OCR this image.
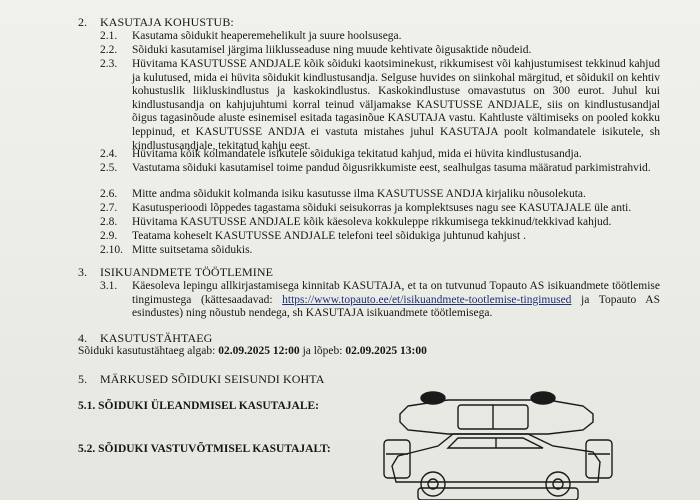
2. KASUTAJA KOHUSTUB:
2.1.	Kasutama sõidukit heaperemehelikult ja suure hoolsusega.
2.2.	Sõiduki kasutamisel järgima liiklusseaduse ning muude kehtivate õigusaktide nõudeid.
2.3.	Hüvitama KASUTUSSE ANDJALE kõik sõiduki kaotsiminekust, rikkumisest või kahjustumisest tekkinud kahjud ja kulutused, mida ei hüvita sõidukit kindlustusandja. Selguse huvides on siinkohal märgitud, et sõidukil on kehtiv kohustuslik liikluskindlustus ja kaskokindlustus. Kaskokindlustuse omavastutus on 300 eurot. Juhul kui kindlustusandja on kahjujuhtumi korral teinud väljamakse KASUTUSSE ANDJALE, siis on kindlustusandjal õigus tagasinõude aluste esinemisel esitada tagasinõue KASUTAJA vastu. Kahtluste vältimiseks on pooled kokku leppinud, et KASUTUSSE ANDJA ei vastuta mistahes juhul KASUTAJA poolt kolmandatele isikutele, sh kindlustusandjale, tekitatud kahju eest.
2.4.	Hüvitama kõik kolmandatele isikutele sõidukiga tekitatud kahjud, mida ei hüvita kindlustusandja.
2.5.	Vastutama sõiduki kasutamisel toime pandud õigusrikkumiste eest, sealhulgas tasuma määratud parkimistrahvid.
2.6.	Mitte andma sõidukit kolmanda isiku kasutusse ilma KASUTUSSE ANDJA kirjaliku nõusolekuta.
2.7.	Kasutusperioodi lõppedes tagastama sõiduki seisukorras ja komplektsuses nagu see KASUTAJALE üle anti.
2.8.	Hüvitama KASUTUSSE ANDJALE kõik käesoleva kokkuleppe rikkumisega tekkinud/tekkivad kahjud.
2.9.	Teatama koheselt KASUTUSSE ANDJALE telefoni teel sõidukiga juhtunud kahjust .
2.10. Mitte suitsetama sõidukis.
3. ISIKUANDMETE TÖÖTLEMINE
3.1.	Käesoleva lepingu allkirjastamisega kinnitab KASUTAJA, et ta on tutvunud Topauto AS isikuandmete töötlemise tingimustega (kättesaadavad: https://www.topauto.ee/et/isikuandmete-tootlemise-tingimused ja Topauto AS esindustes) ning nõustub nendega, sh KASUTAJA isikuandmete töötlemisega.
4. KASUTUSTÄHTAEG
Sõiduki kasutustähtaeg algab: 02.09.2025 12:00 ja lõpeb: 02.09.2025 13:00
5. MÄRKUSED SÕIDUKI SEISUNDI KOHTA
5.1. SÕIDUKI ÜLEANDMISEL KASUTAJALE:
5.2. SÕIDUKI VASTUVÕTMISEL KASUTAJALT:
